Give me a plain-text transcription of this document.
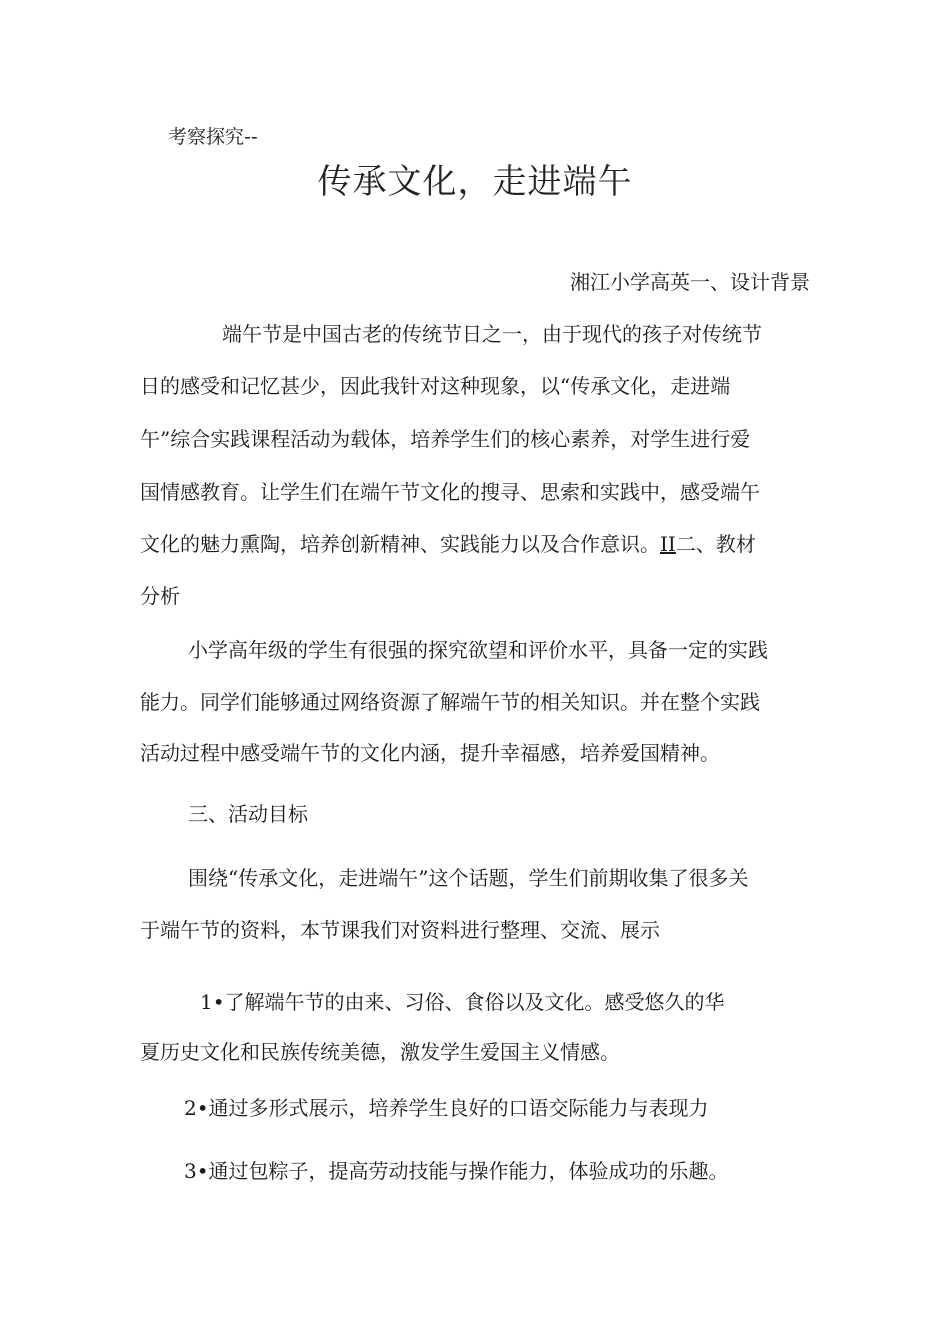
考察探究--
传承文化，走进端午
湘江小学高英一、设计背景
端午节是中国古老的传统节日之一，由于现代的孩子对传统节
日的感受和记忆甚少，因此我针对这种现象，以“传承文化，走进端
午”综合实践课程活动为载体，培养学生们的核心素养，对学生进行爱
国情感教育。让学生们在端午节文化的搜寻、思索和实践中，感受端午
文化的魅力熏陶，培养创新精神、实践能力以及合作意识。II二、教材
分析
小学高年级的学生有很强的探究欲望和评价水平，具备一定的实践
能力。同学们能够通过网络资源了解端午节的相关知识。并在整个实践
活动过程中感受端午节的文化内涵，提升幸福感，培养爱国精神。
三、活动目标
围绕“传承文化，走进端午”这个话题，学生们前期收集了很多关
于端午节的资料，本节课我们对资料进行整理、交流、展示
1•了解端午节的由来、习俗、食俗以及文化。感受悠久的华
夏历史文化和民族传统美德，激发学生爱国主义情感。
2•通过多形式展示，培养学生良好的口语交际能力与表现力
3•通过包粽子，提高劳动技能与操作能力，体验成功的乐趣。
